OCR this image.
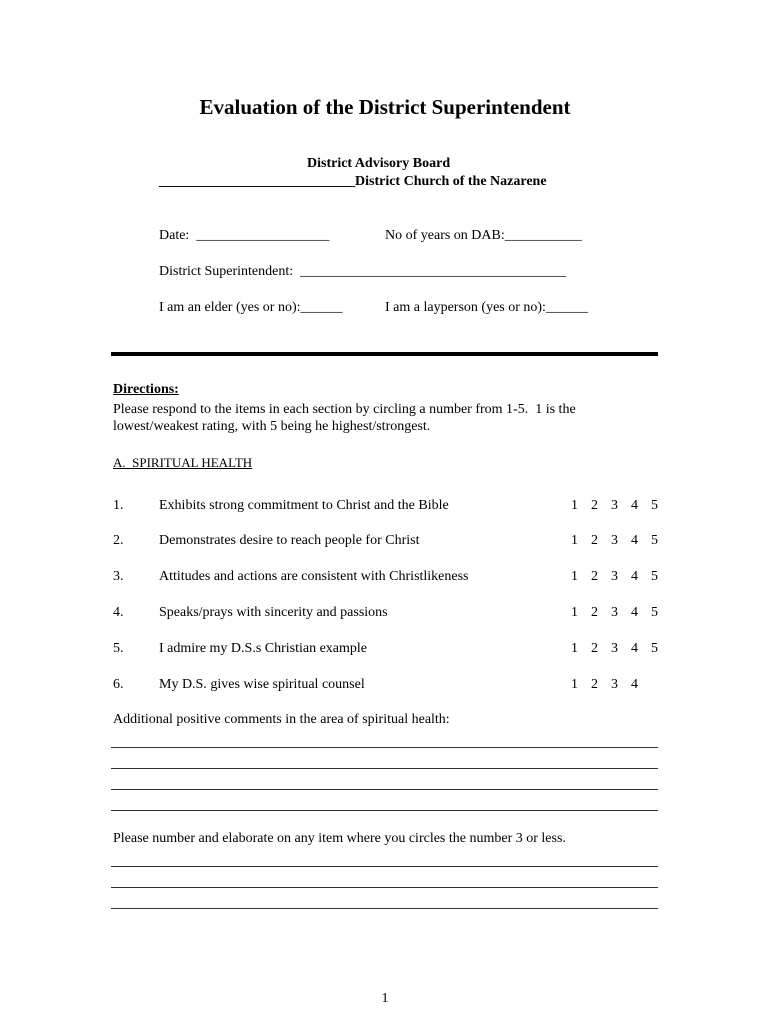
Evaluation of the District Superintendent
District Advisory Board
____________________________District Church of the Nazarene
Date:  ___________________	No of years on DAB:___________
District Superintendent:  ______________________________________
I am an elder (yes or no):______	I am a layperson (yes or no):______
Directions:
Please respond to the items in each section by circling a number from 1-5.  1 is the
lowest/weakest rating, with 5 being he highest/strongest.
A.  SPIRITUAL HEALTH
1.	Exhibits strong commitment to Christ and the Bible	1  2  3  4  5
2.	Demonstrates desire to reach people for Christ	1  2  3  4  5
3.	Attitudes and actions are consistent with Christlikeness	1  2  3  4  5
4.	Speaks/prays with sincerity and passions	1  2  3  4  5
5.	I admire my D.S.s Christian example	1  2  3  4  5
6.	My D.S. gives wise spiritual counsel	1  2  3  4
Additional positive comments in the area of spiritual health:
Please number and elaborate on any item where you circles the number 3 or less.
1
